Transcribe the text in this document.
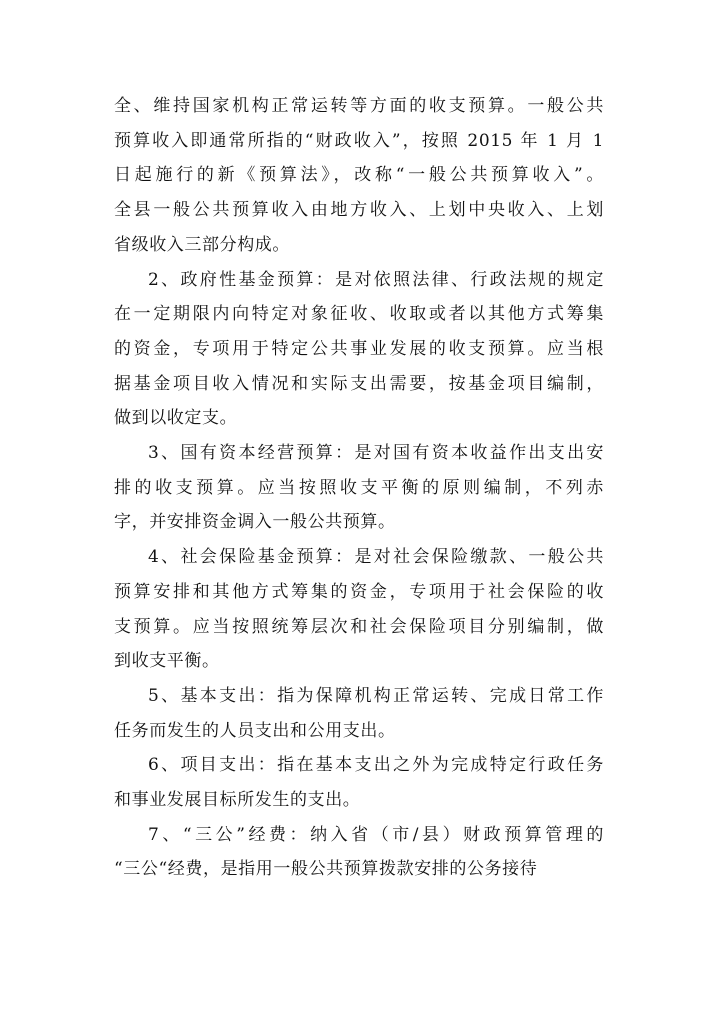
全、维持国家机构正常运转等方面的收支预算。一般公共
预算收入即通常所指的“财政收入”，按照 2015 年 1 月 1
日起施行的新《预算法》，改称“一般公共预算收入”。
全县一般公共预算收入由地方收入、上划中央收入、上划
省级收入三部分构成。
2、政府性基金预算：是对依照法律、行政法规的规定
在一定期限内向特定对象征收、收取或者以其他方式筹集
的资金，专项用于特定公共事业发展的收支预算。应当根
据基金项目收入情况和实际支出需要，按基金项目编制，
做到以收定支。
3、国有资本经营预算：是对国有资本收益作出支出安
排的收支预算。应当按照收支平衡的原则编制，不列赤
字，并安排资金调入一般公共预算。
4、社会保险基金预算：是对社会保险缴款、一般公共
预算安排和其他方式筹集的资金，专项用于社会保险的收
支预算。应当按照统筹层次和社会保险项目分别编制，做
到收支平衡。
5、基本支出：指为保障机构正常运转、完成日常工作
任务而发生的人员支出和公用支出。
6、项目支出：指在基本支出之外为完成特定行政任务
和事业发展目标所发生的支出。
7、“三公”经费：纳入省（市/县）财政预算管理的
“三公“经费，是指用一般公共预算拨款安排的公务接待
